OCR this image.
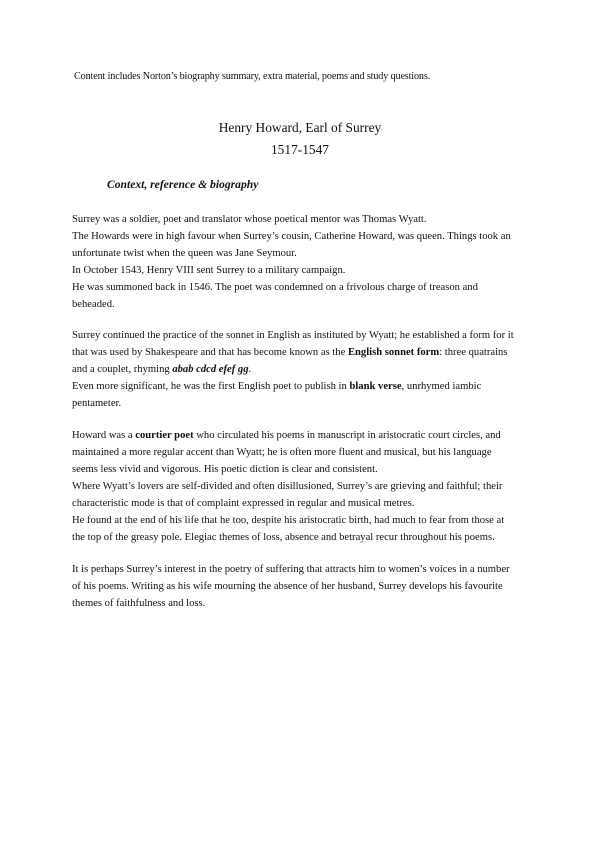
Content includes Norton’s biography summary, extra material, poems and study questions.
Henry Howard, Earl of Surrey
1517-1547
Context, reference & biography
Surrey was a soldier, poet and translator whose poetical mentor was Thomas Wyatt.
The Howards were in high favour when Surrey’s cousin, Catherine Howard, was queen. Things took an
unfortunate twist when the queen was Jane Seymour.
In October 1543, Henry VIII sent Surrey to a military campaign.
He was summoned back in 1546. The poet was condemned on a frivolous charge of treason and
beheaded.
Surrey continued the practice of the sonnet in English as instituted by Wyatt; he established a form for it
that was used by Shakespeare and that has become known as the English sonnet form: three quatrains
and a couplet, rhyming abab cdcd efef gg.
Even more significant, he was the first English poet to publish in blank verse, unrhymed iambic
pentameter.
Howard was a courtier poet who circulated his poems in manuscript in aristocratic court circles, and
maintained a more regular accent than Wyatt; he is often more fluent and musical, but his language
seems less vivid and vigorous. His poetic diction is clear and consistent.
Where Wyatt’s lovers are self-divided and often disillusioned, Surrey’s are grieving and faithful; their
characteristic mode is that of complaint expressed in regular and musical metres.
He found at the end of his life that he too, despite his aristocratic birth, had much to fear from those at
the top of the greasy pole. Elegiac themes of loss, absence and betrayal recur throughout his poems.
It is perhaps Surrey’s interest in the poetry of suffering that attracts him to women’s voices in a number
of his poems. Writing as his wife mourning the absence of her husband, Surrey develops his favourite
themes of faithfulness and loss.
